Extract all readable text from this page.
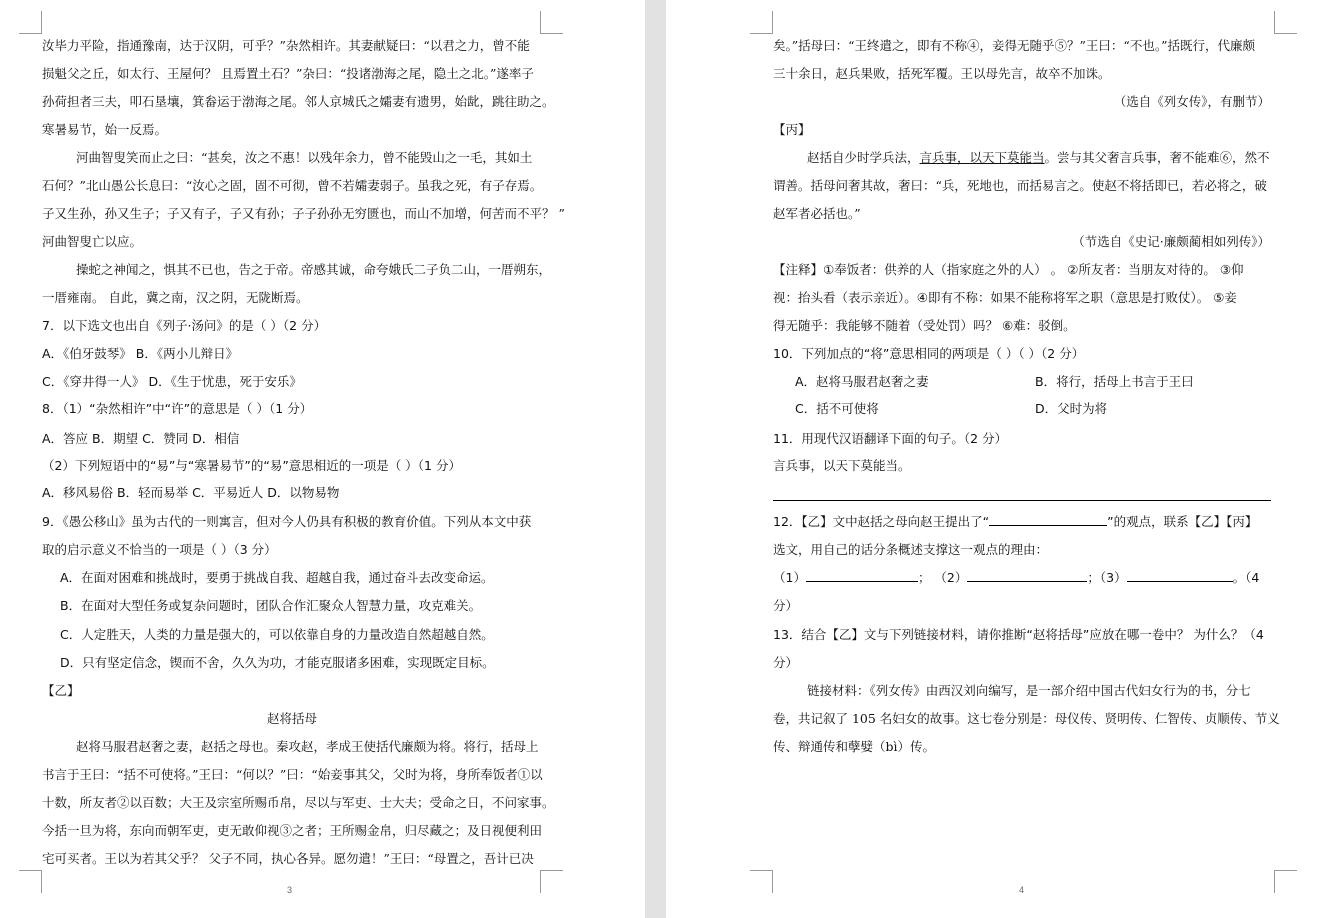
汝毕力平险，指通豫南，达于汉阴，可乎？”杂然相许。其妻献疑曰：“以君之力，曾不能
损魁父之丘，如太行、王屋何？ 且焉置土石？”杂曰：“投诸渤海之尾，隐土之北。”遂率子
孙荷担者三夫，叩石垦壤，箕畚运于渤海之尾。邻人京城氏之孀妻有遗男，始龀，跳往助之。
寒暑易节，始一反焉。
河曲智叟笑而止之曰：“甚矣，汝之不惠！以残年余力，曾不能毁山之一毛，其如土
石何？”北山愚公长息曰：“汝心之固，固不可彻，曾不若孀妻弱子。虽我之死，有子存焉。
子又生孙，孙又生子；子又有子，子又有孙；子子孙孙无穷匮也，而山不加增，何苦而不平？ ”
河曲智叟亡以应。
操蛇之神闻之，惧其不已也，告之于帝。帝感其诚，命夸娥氏二子负二山，一厝朔东，
一厝雍南。 自此，冀之南，汉之阴，无陇断焉。
7．以下选文也出自《列子·汤问》的是（ ）（2 分）
A．《伯牙鼓琴》 B．《两小儿辩日》
C．《穿井得一人》 D．《生于忧患，死于安乐》
8．（1）“杂然相许”中“许”的意思是（ ）（1 分）
A．答应 B．期望 C．赞同 D．相信
（2）下列短语中的“易”与“寒暑易节”的“易”意思相近的一项是（ ）（1 分）
A．移风易俗 B．轻而易举 C．平易近人 D．以物易物
9．《愚公移山》虽为古代的一则寓言，但对今人仍具有积极的教育价值。下列从本文中获
取的启示意义不恰当的一项是（ ）（3 分）
A．在面对困难和挑战时，要勇于挑战自我、超越自我，通过奋斗去改变命运。
B．在面对大型任务或复杂问题时，团队合作汇聚众人智慧力量，攻克难关。
C．人定胜天，人类的力量是强大的，可以依靠自身的力量改造自然超越自然。
D．只有坚定信念，锲而不舍，久久为功，才能克服诸多困难，实现既定目标。
【乙】
赵将括母
赵将马服君赵奢之妻，赵括之母也。秦攻赵，孝成王使括代廉颇为将。将行，括母上
书言于王曰：“括不可使将。”王曰：“何以？”曰：“始妾事其父，父时为将，身所奉饭者①以
十数，所友者②以百数；大王及宗室所赐币帛，尽以与军吏、士大夫；受命之日，不问家事。
今括一旦为将，东向而朝军吏，吏无敢仰视③之者；王所赐金帛，归尽藏之；及日视便利田
宅可买者。王以为若其父乎？ 父子不同，执心各异。愿勿遣！”王曰：“母置之，吾计已决
3
矣。”括母曰：“王终遣之，即有不称④，妾得无随乎⑤？”王曰：“不也。”括既行，代廉颇
三十余日，赵兵果败，括死军覆。王以母先言，故卒不加诛。
（选自《列女传》，有删节）
【丙】
赵括自少时学兵法，言兵事，以天下莫能当。尝与其父奢言兵事，奢不能难⑥，然不
谓善。括母问奢其故，奢曰：“兵，死地也，而括易言之。使赵不将括即已，若必将之，破
赵军者必括也。”
（节选自《史记·廉颇蔺相如列传》）
【注释】①奉饭者：供养的人（指家庭之外的人） 。 ②所友者：当朋友对待的。 ③仰
视：抬头看（表示亲近）。④即有不称：如果不能称将军之职（意思是打败仗）。 ⑤妾
得无随乎：我能够不随着（受处罚）吗？ ⑥难：驳倒。
10．下列加点的“将”意思相同的两项是（ ）（ ）（2 分）
A．赵将马服君赵奢之妻	B．将行，括母上书言于王曰
C．括不可使将	D．父时为将
11．用现代汉语翻译下面的句子。（2 分）
言兵事，以天下莫能当。
12．【乙】文中赵括之母向赵王提出了“	”的观点，联系【乙】【丙】
选文，用自己的话分条概述支撑这一观点的理由：
（1）	； （2）	；（3）	。（4
分）
13．结合【乙】文与下列链接材料，请你推断“赵将括母”应放在哪一卷中？ 为什么？（4
分）
链接材料：《列女传》由西汉刘向编写，是一部介绍中国古代妇女行为的书，分七
卷，共记叙了 105 名妇女的故事。这七卷分别是：母仪传、贤明传、仁智传、贞顺传、节义
传、辩通传和孽嬖（bì）传。
4
